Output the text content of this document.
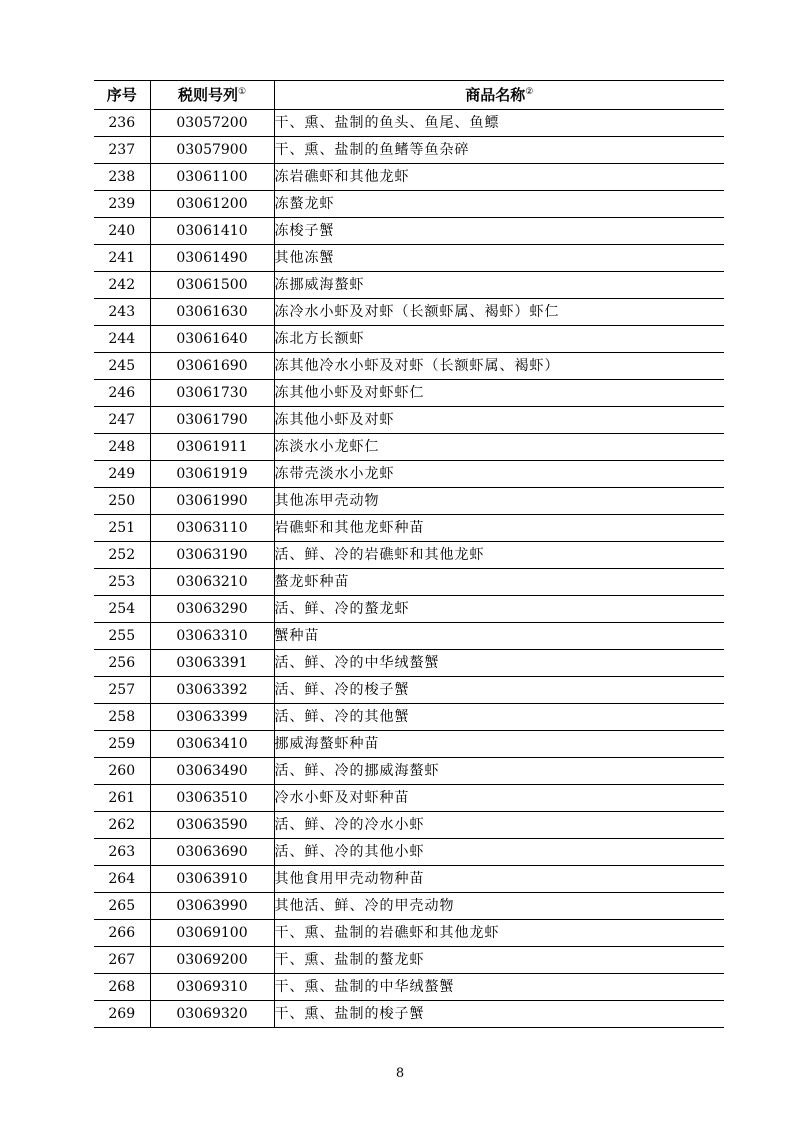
序号	税则号列①	商品名称②
236	03057200	干、熏、盐制的鱼头、鱼尾、鱼鳔
237	03057900	干、熏、盐制的鱼鳍等鱼杂碎
238	03061100	冻岩礁虾和其他龙虾
239	03061200	冻螯龙虾
240	03061410	冻梭子蟹
241	03061490	其他冻蟹
242	03061500	冻挪威海螯虾
243	03061630	冻冷水小虾及对虾（长额虾属、褐虾）虾仁
244	03061640	冻北方长额虾
245	03061690	冻其他冷水小虾及对虾（长额虾属、褐虾）
246	03061730	冻其他小虾及对虾虾仁
247	03061790	冻其他小虾及对虾
248	03061911	冻淡水小龙虾仁
249	03061919	冻带壳淡水小龙虾
250	03061990	其他冻甲壳动物
251	03063110	岩礁虾和其他龙虾种苗
252	03063190	活、鲜、冷的岩礁虾和其他龙虾
253	03063210	螯龙虾种苗
254	03063290	活、鲜、冷的螯龙虾
255	03063310	蟹种苗
256	03063391	活、鲜、冷的中华绒螯蟹
257	03063392	活、鲜、冷的梭子蟹
258	03063399	活、鲜、冷的其他蟹
259	03063410	挪威海螯虾种苗
260	03063490	活、鲜、冷的挪威海螯虾
261	03063510	冷水小虾及对虾种苗
262	03063590	活、鲜、冷的冷水小虾
263	03063690	活、鲜、冷的其他小虾
264	03063910	其他食用甲壳动物种苗
265	03063990	其他活、鲜、冷的甲壳动物
266	03069100	干、熏、盐制的岩礁虾和其他龙虾
267	03069200	干、熏、盐制的螯龙虾
268	03069310	干、熏、盐制的中华绒螯蟹
269	03069320	干、熏、盐制的梭子蟹
8
